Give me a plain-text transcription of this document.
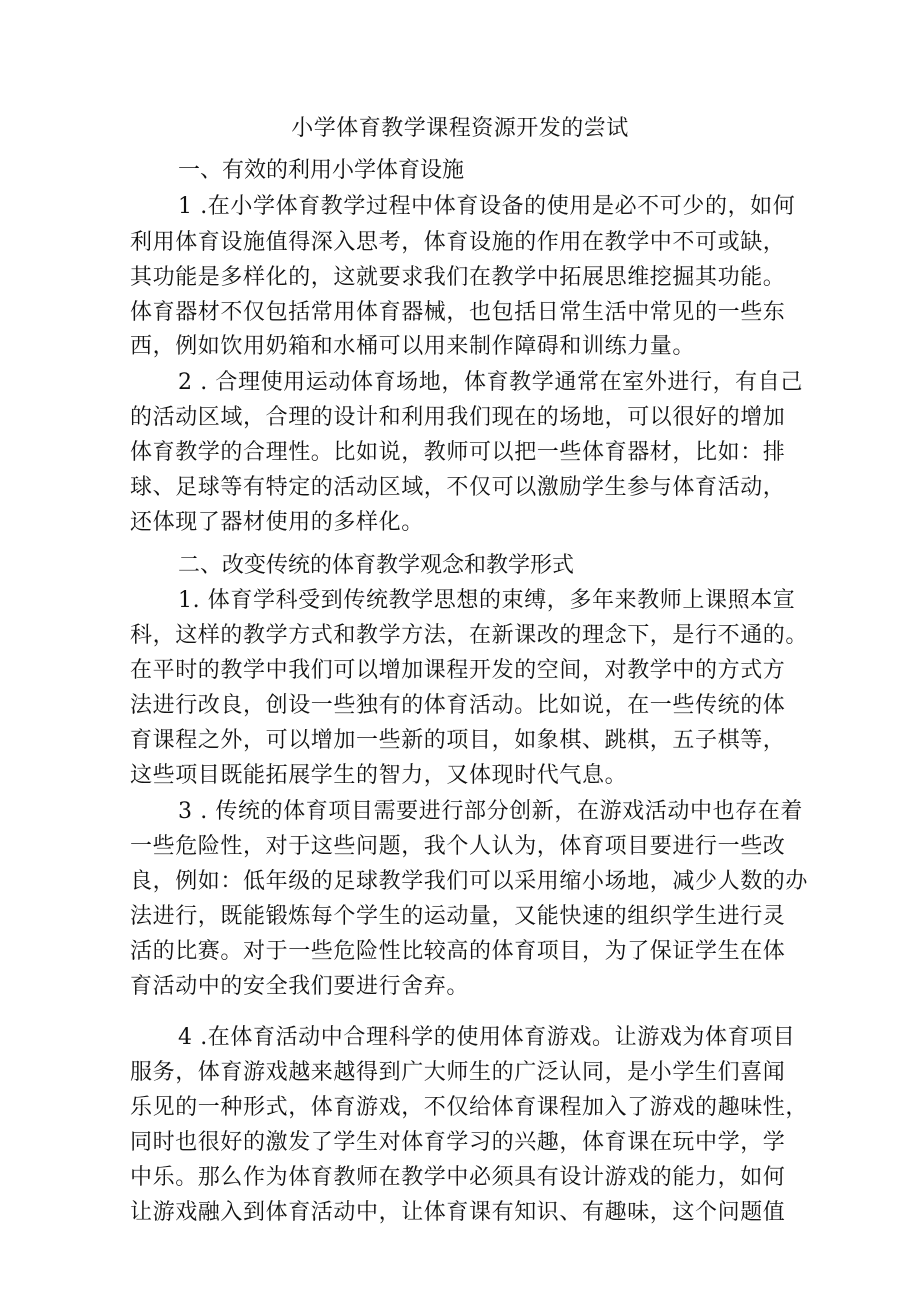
小学体育教学课程资源开发的尝试
一、有效的利用小学体育设施
1 .在小学体育教学过程中体育设备的使用是必不可少的，如何
利用体育设施值得深入思考，体育设施的作用在教学中不可或缺，
其功能是多样化的，这就要求我们在教学中拓展思维挖掘其功能。
体育器材不仅包括常用体育器械，也包括日常生活中常见的一些东
西，例如饮用奶箱和水桶可以用来制作障碍和训练力量。
2 . 合理使用运动体育场地，体育教学通常在室外进行，有自己
的活动区域，合理的设计和利用我们现在的场地，可以很好的增加
体育教学的合理性。比如说，教师可以把一些体育器材，比如：排
球、足球等有特定的活动区域，不仅可以激励学生参与体育活动，
还体现了器材使用的多样化。
二、改变传统的体育教学观念和教学形式
1. 体育学科受到传统教学思想的束缚，多年来教师上课照本宣
科，这样的教学方式和教学方法，在新课改的理念下，是行不通的。
在平时的教学中我们可以增加课程开发的空间，对教学中的方式方
法进行改良，创设一些独有的体育活动。比如说，在一些传统的体
育课程之外，可以增加一些新的项目，如象棋、跳棋，五子棋等，
这些项目既能拓展学生的智力，又体现时代气息。
3 . 传统的体育项目需要进行部分创新，在游戏活动中也存在着
一些危险性，对于这些问题，我个人认为，体育项目要进行一些改
良，例如：低年级的足球教学我们可以采用缩小场地，减少人数的办
法进行，既能锻炼每个学生的运动量，又能快速的组织学生进行灵
活的比赛。对于一些危险性比较高的体育项目，为了保证学生在体
育活动中的安全我们要进行舍弃。
4 .在体育活动中合理科学的使用体育游戏。让游戏为体育项目
服务，体育游戏越来越得到广大师生的广泛认同，是小学生们喜闻
乐见的一种形式，体育游戏，不仅给体育课程加入了游戏的趣味性，
同时也很好的激发了学生对体育学习的兴趣，体育课在玩中学，学
中乐。那么作为体育教师在教学中必须具有设计游戏的能力，如何
让游戏融入到体育活动中，让体育课有知识、有趣味，这个问题值
